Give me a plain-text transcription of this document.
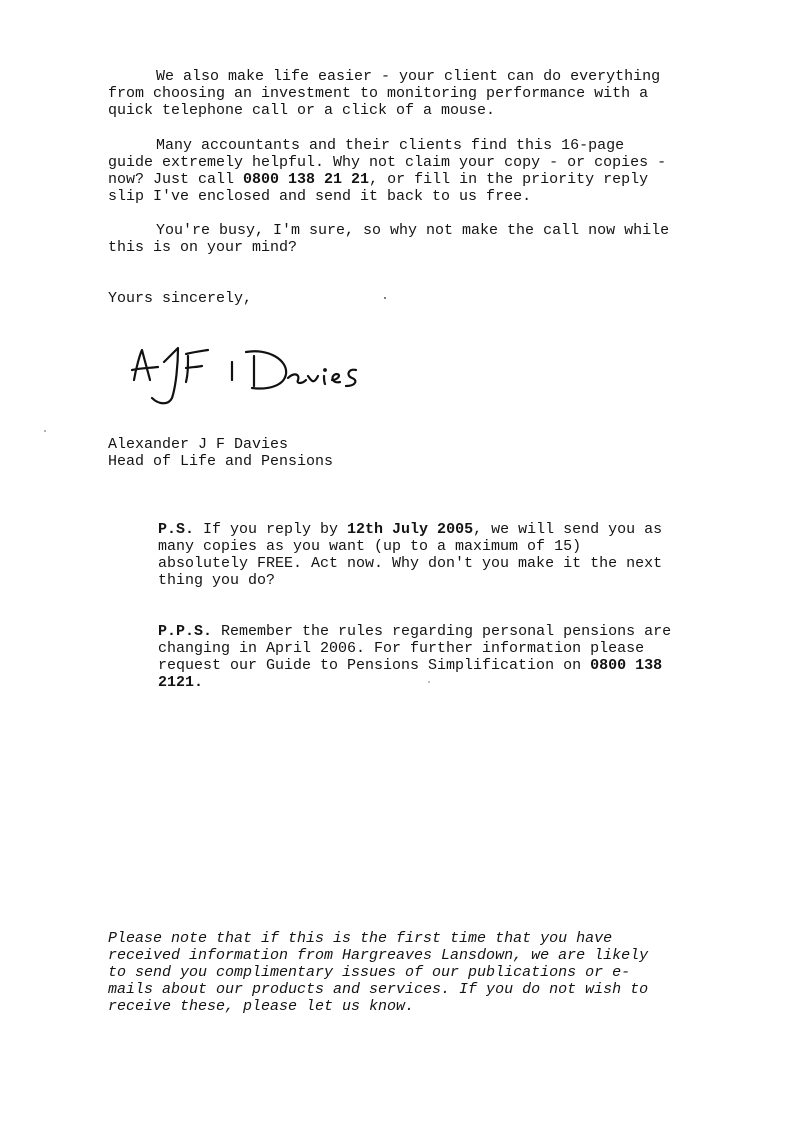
We also make life easier - your client can do everything
from choosing an investment to monitoring performance with a
quick telephone call or a click of a mouse.

Many accountants and their clients find this 16-page
guide extremely helpful. Why not claim your copy - or copies -
now? Just call 0800 138 21 21, or fill in the priority reply
slip I've enclosed and send it back to us free.

You're busy, I'm sure, so why not make the call now while
this is on your mind?

Yours sincerely,

Alexander J F Davies
Head of Life and Pensions

P.S. If you reply by 12th July 2005, we will send you as
many copies as you want (up to a maximum of 15)
absolutely FREE. Act now. Why don't you make it the next
thing you do?

P.P.S. Remember the rules regarding personal pensions are
changing in April 2006. For further information please
request our Guide to Pensions Simplification on 0800 138
2121.

Please note that if this is the first time that you have
received information from Hargreaves Lansdown, we are likely
to send you complimentary issues of our publications or e-
mails about our products and services. If you do not wish to
receive these, please let us know.
